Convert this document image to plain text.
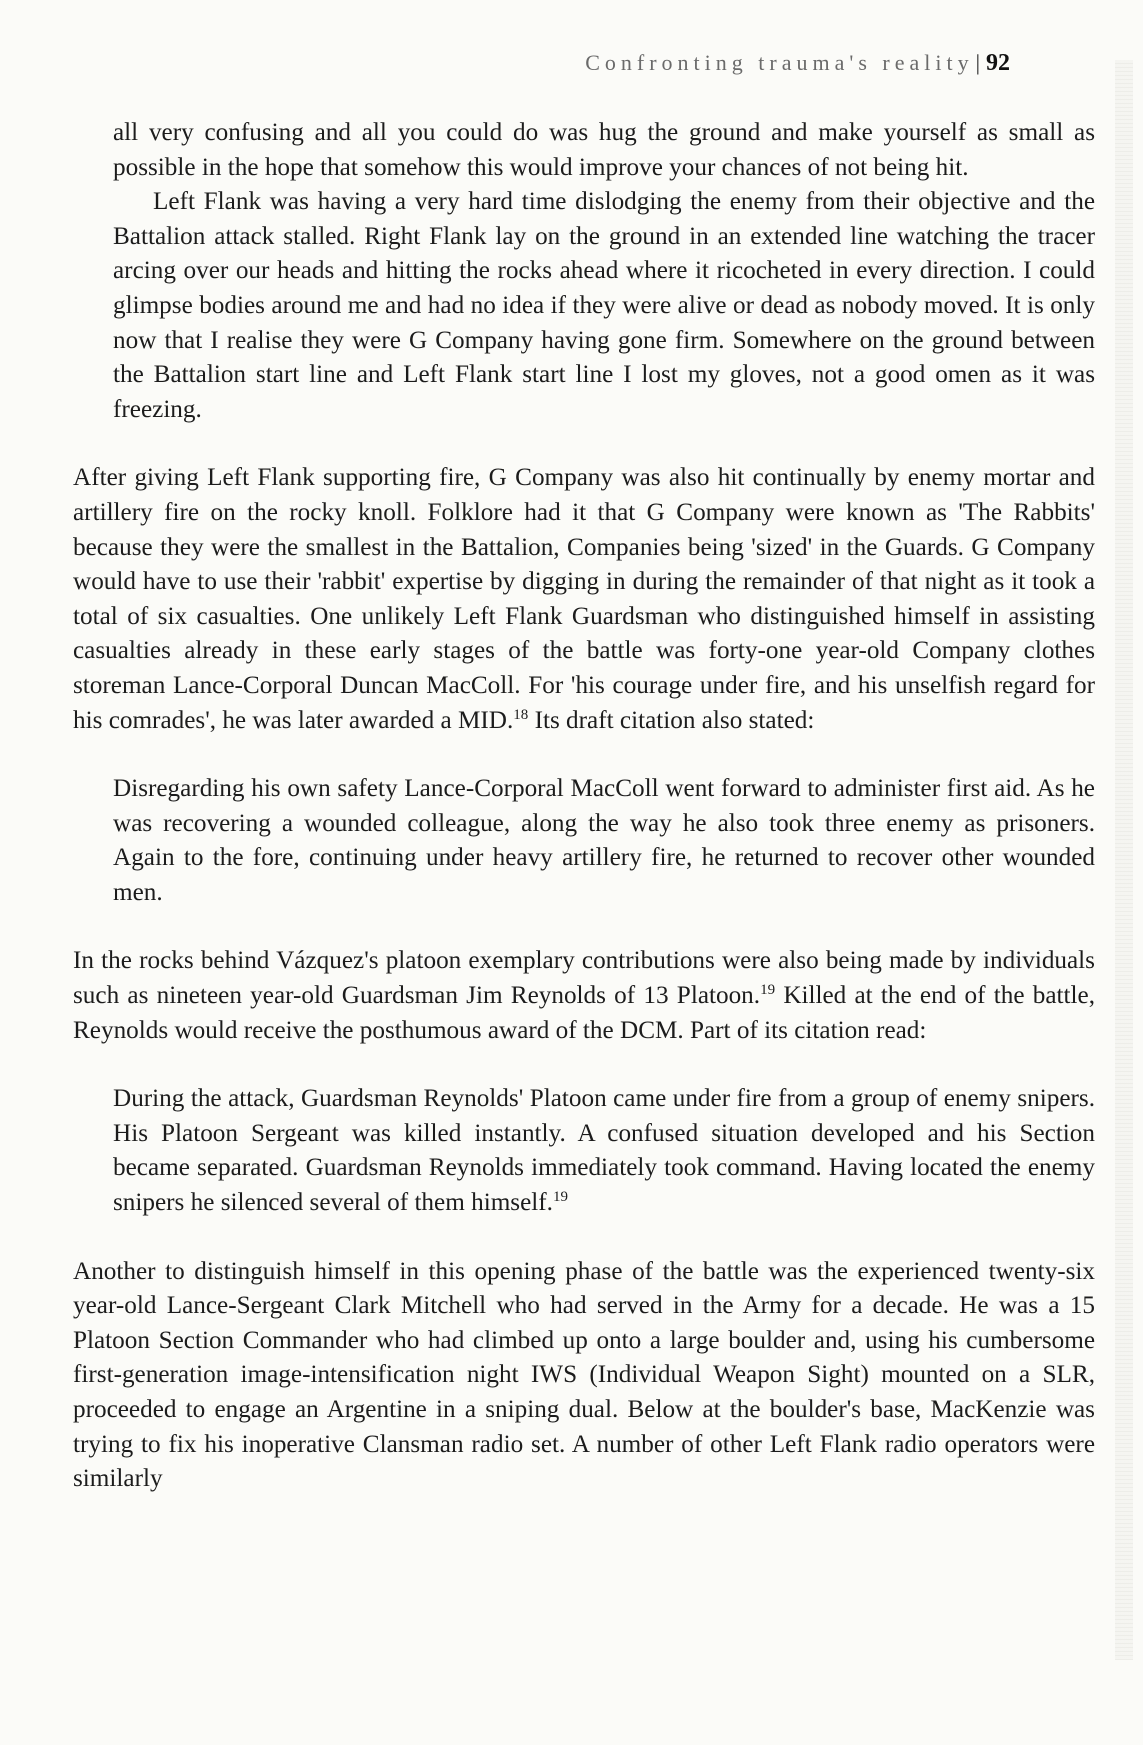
Confronting trauma's reality| 92

all very confusing and all you could do was hug the ground and make yourself as small as possible in the hope that somehow this would improve your chances of not being hit.

Left Flank was having a very hard time dislodging the enemy from their objective and the Battalion attack stalled. Right Flank lay on the ground in an extended line watching the tracer arcing over our heads and hitting the rocks ahead where it ricocheted in every direction. I could glimpse bodies around me and had no idea if they were alive or dead as nobody moved. It is only now that I realise they were G Company having gone firm. Somewhere on the ground between the Battalion start line and Left Flank start line I lost my gloves, not a good omen as it was freezing.

After giving Left Flank supporting fire, G Company was also hit continually by enemy mortar and artillery fire on the rocky knoll. Folklore had it that G Company were known as 'The Rabbits' because they were the smallest in the Battalion, Companies being 'sized' in the Guards. G Company would have to use their 'rabbit' expertise by digging in during the remainder of that night as it took a total of six casualties. One unlikely Left Flank Guardsman who distinguished himself in assisting casualties already in these early stages of the battle was forty-one year-old Company clothes storeman Lance-Corporal Duncan MacColl. For 'his courage under fire, and his unselfish regard for his comrades', he was later awarded a MID.$^{18}$ Its draft citation also stated:

Disregarding his own safety Lance-Corporal MacColl went forward to administer first aid. As he was recovering a wounded colleague, along the way he also took three enemy as prisoners. Again to the fore, continuing under heavy artillery fire, he returned to recover other wounded men.

In the rocks behind Vázquez's platoon exemplary contributions were also being made by individuals such as nineteen year-old Guardsman Jim Reynolds of 13 Platoon.$^{19}$ Killed at the end of the battle, Reynolds would receive the posthumous award of the DCM. Part of its citation read:

During the attack, Guardsman Reynolds' Platoon came under fire from a group of enemy snipers. His Platoon Sergeant was killed instantly. A confused situation developed and his Section became separated. Guardsman Reynolds immediately took command. Having located the enemy snipers he silenced several of them himself.$^{19}$

Another to distinguish himself in this opening phase of the battle was the experienced twenty-six year-old Lance-Sergeant Clark Mitchell who had served in the Army for a decade. He was a 15 Platoon Section Commander who had climbed up onto a large boulder and, using his cumbersome first-generation image-intensification night IWS (Individual Weapon Sight) mounted on a SLR, proceeded to engage an Argentine in a sniping dual. Below at the boulder's base, MacKenzie was trying to fix his inoperative Clansman radio set. A number of other Left Flank radio operators were similarly
